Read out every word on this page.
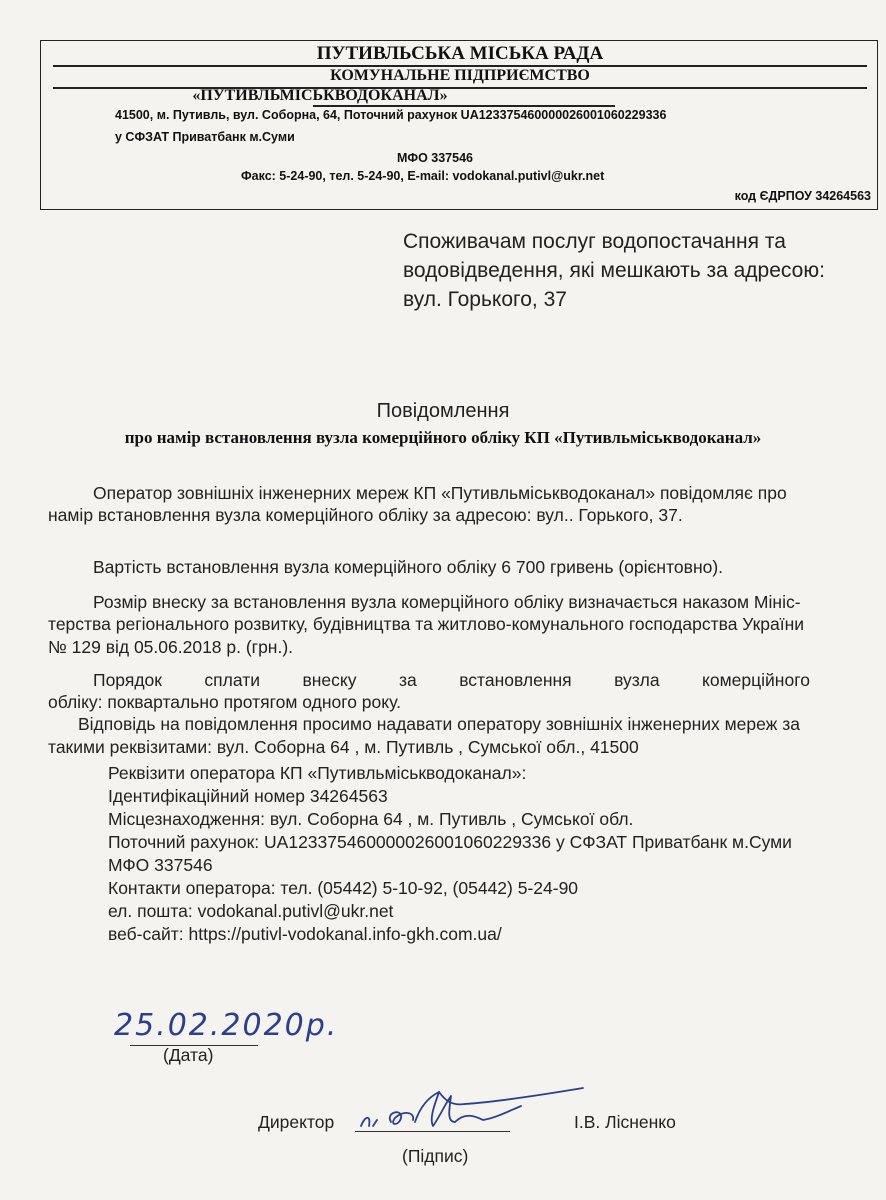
ПУТИВЛЬСЬКА МІСЬКА РАДА
КОМУНАЛЬНЕ ПІДПРИЄМСТВО
«ПУТИВЛЬМІСЬКВОДОКАНАЛ»
41500, м. Путивль, вул. Соборна, 64, Поточний рахунок UA123375460000026001060229336
у СФЗАТ Приватбанк м.Суми
МФО 337546
Факс: 5-24-90, тел. 5-24-90, E-mail: vodokanal.putivl@ukr.net
код ЄДРПОУ 34264563
Споживачам послуг водопостачання та
водовідведення, які мешкають за адресою:
вул. Горького, 37
Повідомлення
про намір встановлення вузла комерційного обліку КП «Путивльміськводоканал»
Оператор зовнішніх інженерних мереж КП «Путивльміськводоканал» повідомляє про
намір встановлення вузла комерційного обліку за адресою: вул.. Горького, 37.
Вартість встановлення вузла комерційного обліку 6 700 гривень (орієнтовно).
Розмір внеску за встановлення вузла комерційного обліку визначається наказом Мініс-
терства регіонального розвитку, будівництва та житлово-комунального господарства України
№ 129 від 05.06.2018 р. (грн.).
Порядок сплати внеску за встановлення вузла комерційного
обліку: поквартально протягом одного року.
Відповідь на повідомлення просимо надавати оператору зовнішніх інженерних мереж за
такими реквізитами: вул. Соборна 64 , м. Путивль , Сумської обл., 41500
Реквізити оператора КП «Путивльміськводоканал»:
Ідентифікаційний номер 34264563
Місцезнаходження: вул. Соборна 64 , м. Путивль , Сумської обл.
Поточний рахунок: UA123375460000026001060229336 у СФЗАТ Приватбанк м.Суми
МФО 337546
Контакти оператора: тел. (05442) 5-10-92, (05442) 5-24-90
ел. пошта: vodokanal.putivl@ukr.net
веб-сайт: https://putivl-vodokanal.info-gkh.com.ua/
25.02.2020р.
(Дата)
Директор	І.В. Лісненко
(Підпис)
